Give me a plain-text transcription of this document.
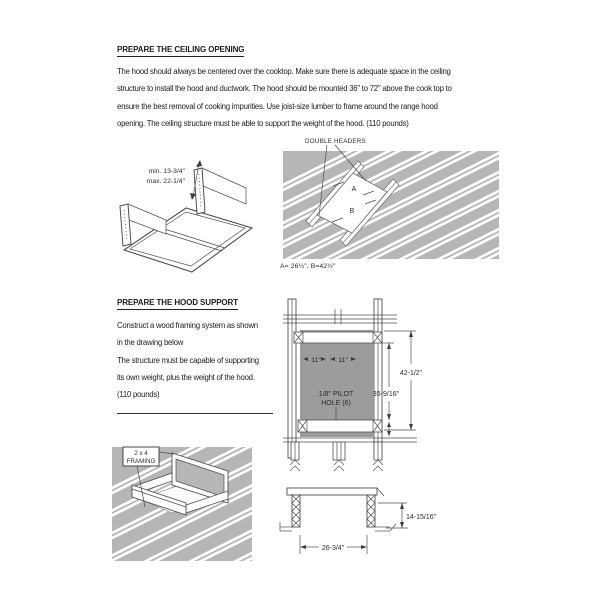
PREPARE THE CEILING OPENING
The hood should always be centered over the cooktop. Make sure there is adequate space in the ceiling
structure to install the hood and ductwork. The hood should be mounted 36" to 72" above the cook top to
ensure the best removal of cooking impurities. Use joist-size lumber to frame around the range hood
opening. The ceiling structure must be able to support the weight of the hood. (110 pounds)
min. 13-3/4"
max. 22-1/4"
A
B
DOUBLE HEADERS
A= 26¼", B=42½"
PREPARE THE HOOD SUPPORT
Construct a wood framing system as shown
in the drawing below
The structure must be capable of supporting
its own weight, plus the weight of the hood.
(110 pounds)
2 x 4
FRAMING
11"	11"
1/8" PILOT
HOLE (6)
42-1/2"
35-9/16"
14-15/16"
26-3/4"
